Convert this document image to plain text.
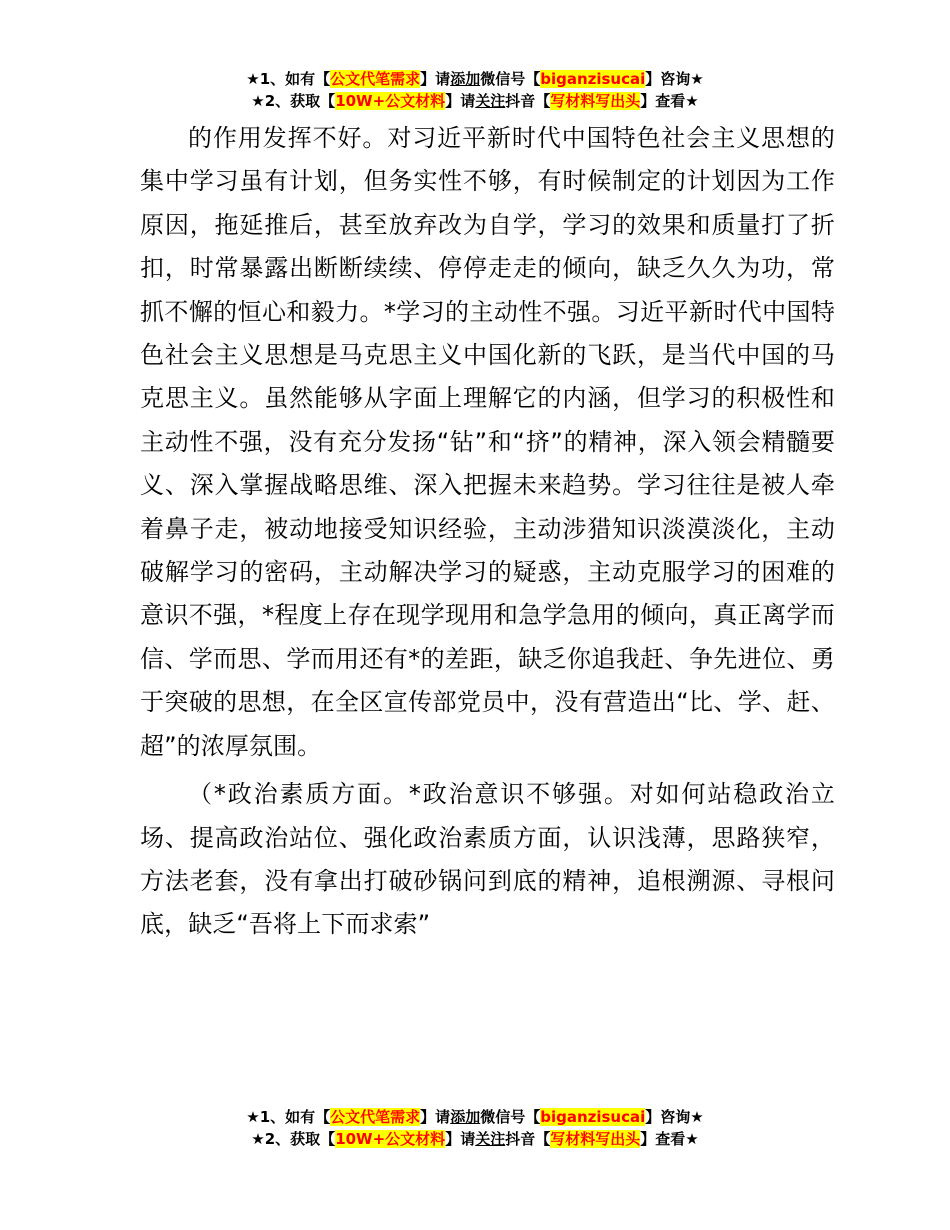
★1、如有【公文代笔需求】请添加微信号【biganzisucai】咨询★
★2、获取【10W+公文材料】请关注抖音【写材料写出头】查看★

的作用发挥不好。对习近平新时代中国特色社会主义思想的集中学习虽有计划，但务实性不够，有时候制定的计划因为工作原因，拖延推后，甚至放弃改为自学，学习的效果和质量打了折扣，时常暴露出断断续续、停停走走的倾向，缺乏久久为功，常抓不懈的恒心和毅力。*学习的主动性不强。习近平新时代中国特色社会主义思想是马克思主义中国化新的飞跃，是当代中国的马克思主义。虽然能够从字面上理解它的内涵，但学习的积极性和主动性不强，没有充分发扬“钻”和“挤”的精神，深入领会精髓要义、深入掌握战略思维、深入把握未来趋势。学习往往是被人牵着鼻子走，被动地接受知识经验，主动涉猎知识淡漠淡化，主动破解学习的密码，主动解决学习的疑惑，主动克服学习的困难的意识不强，*程度上存在现学现用和急学急用的倾向，真正离学而信、学而思、学而用还有*的差距，缺乏你追我赶、争先进位、勇于突破的思想，在全区宣传部党员中，没有营造出“比、学、赶、超”的浓厚氛围。

（*政治素质方面。*政治意识不够强。对如何站稳政治立场、提高政治站位、强化政治素质方面，认识浅薄，思路狭窄，方法老套，没有拿出打破砂锅问到底的精神，追根溯源、寻根问底，缺乏“吾将上下而求索”

★1、如有【公文代笔需求】请添加微信号【biganzisucai】咨询★
★2、获取【10W+公文材料】请关注抖音【写材料写出头】查看★
